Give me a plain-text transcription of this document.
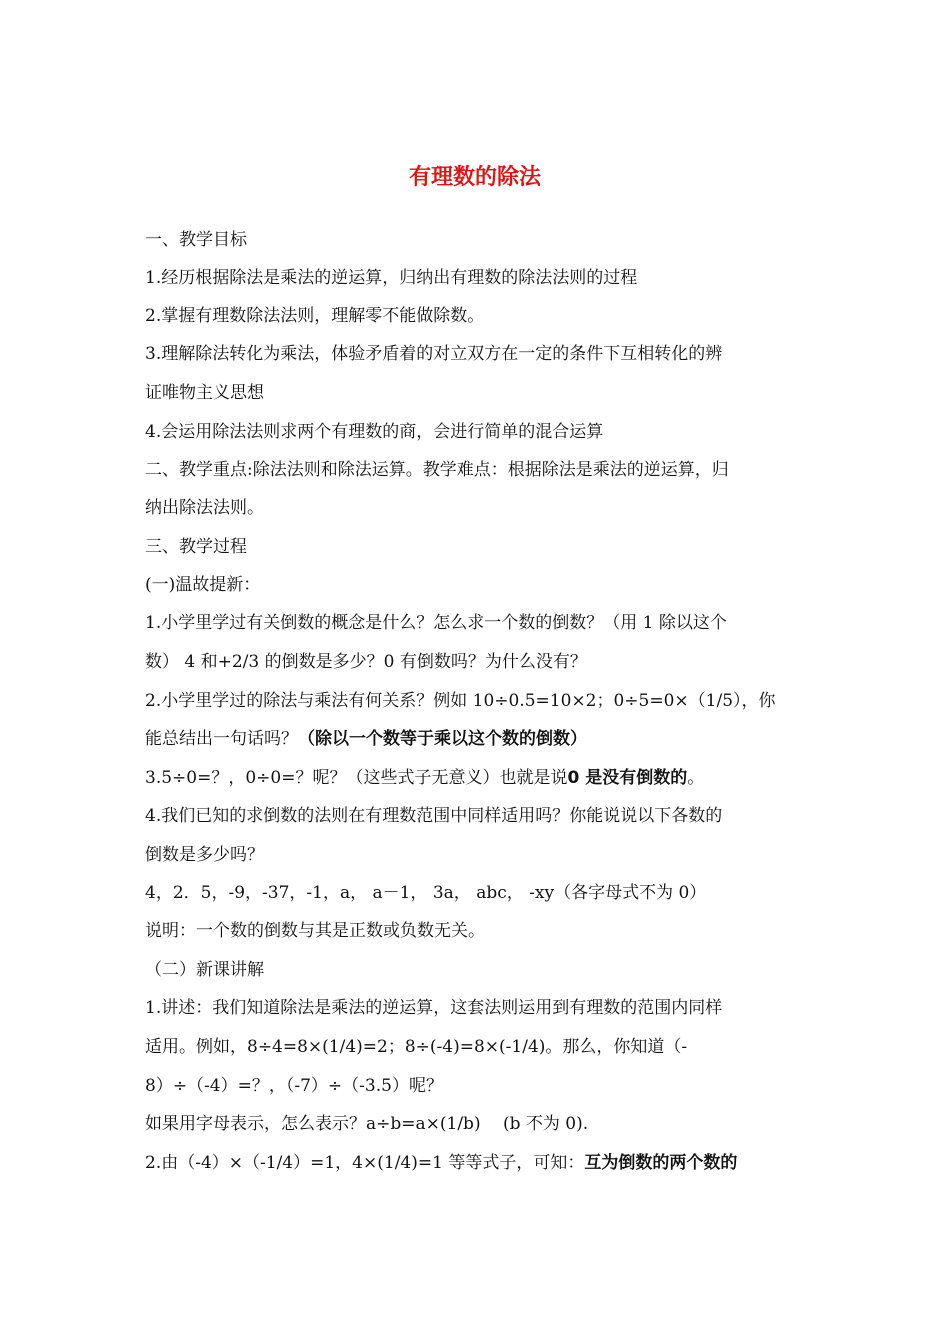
有理数的除法

一、教学目标

1.经历根据除法是乘法的逆运算，归纳出有理数的除法法则的过程

2.掌握有理数除法法则，理解零不能做除数。

3.理解除法转化为乘法，体验矛盾着的对立双方在一定的条件下互相转化的辨

证唯物主义思想

4.会运用除法法则求两个有理数的商，会进行简单的混合运算

二、教学重点:除法法则和除法运算。教学难点：根据除法是乘法的逆运算，归

纳出除法法则。

三、教学过程

(一)温故提新：

1.小学里学过有关倒数的概念是什么？怎么求一个数的倒数？（用 1 除以这个

数） 4 和+2/3 的倒数是多少？0 有倒数吗？为什么没有？

2.小学里学过的除法与乘法有何关系？例如 10÷0.5=10×2；0÷5=0×（1/5），你

能总结出一句话吗？（除以一个数等于乘以这个数的倒数）

3.5÷0=？，0÷0=？呢？（这些式子无意义）也就是说0 是没有倒数的。

4.我们已知的求倒数的法则在有理数范围中同样适用吗？你能说说以下各数的

倒数是多少吗？

4，2．5，-9，-37，-1，a， a－1， 3a， abc， -xy（各字母式不为 0）

说明：一个数的倒数与其是正数或负数无关。

（二）新课讲解

1.讲述：我们知道除法是乘法的逆运算，这套法则运用到有理数的范围内同样

适用。例如，8÷4=8×(1/4)=2；8÷(-4)=8×(-1/4)。那么，你知道（-

8）÷（-4）=？，（-7）÷（-3.5）呢？

如果用字母表示，怎么表示？a÷b=a×(1/b)　 (b 不为 0).

2.由（-4）×（-1/4）=1，4×(1/4)=1 等等式子，可知：互为倒数的两个数的
